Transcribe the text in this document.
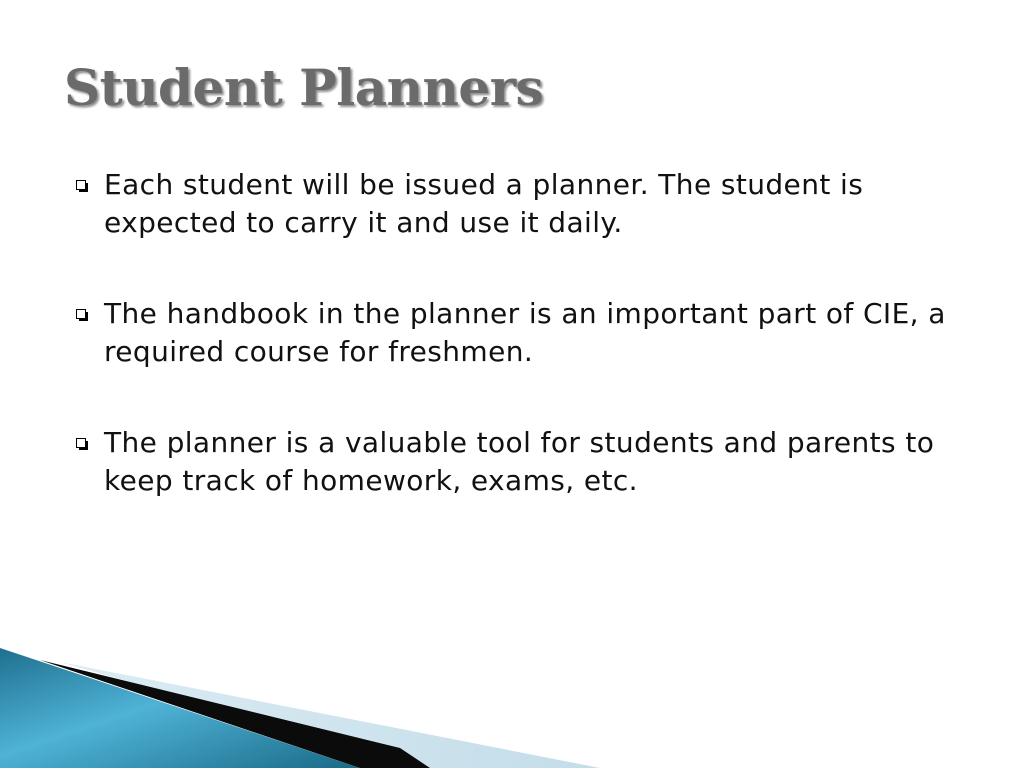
Student Planners
Each student will be issued a planner. The student is expected to carry it and use it daily.
The handbook in the planner is an important part of CIE, a required course for freshmen.
The planner is a valuable tool for students and parents to keep track of homework, exams, etc.
